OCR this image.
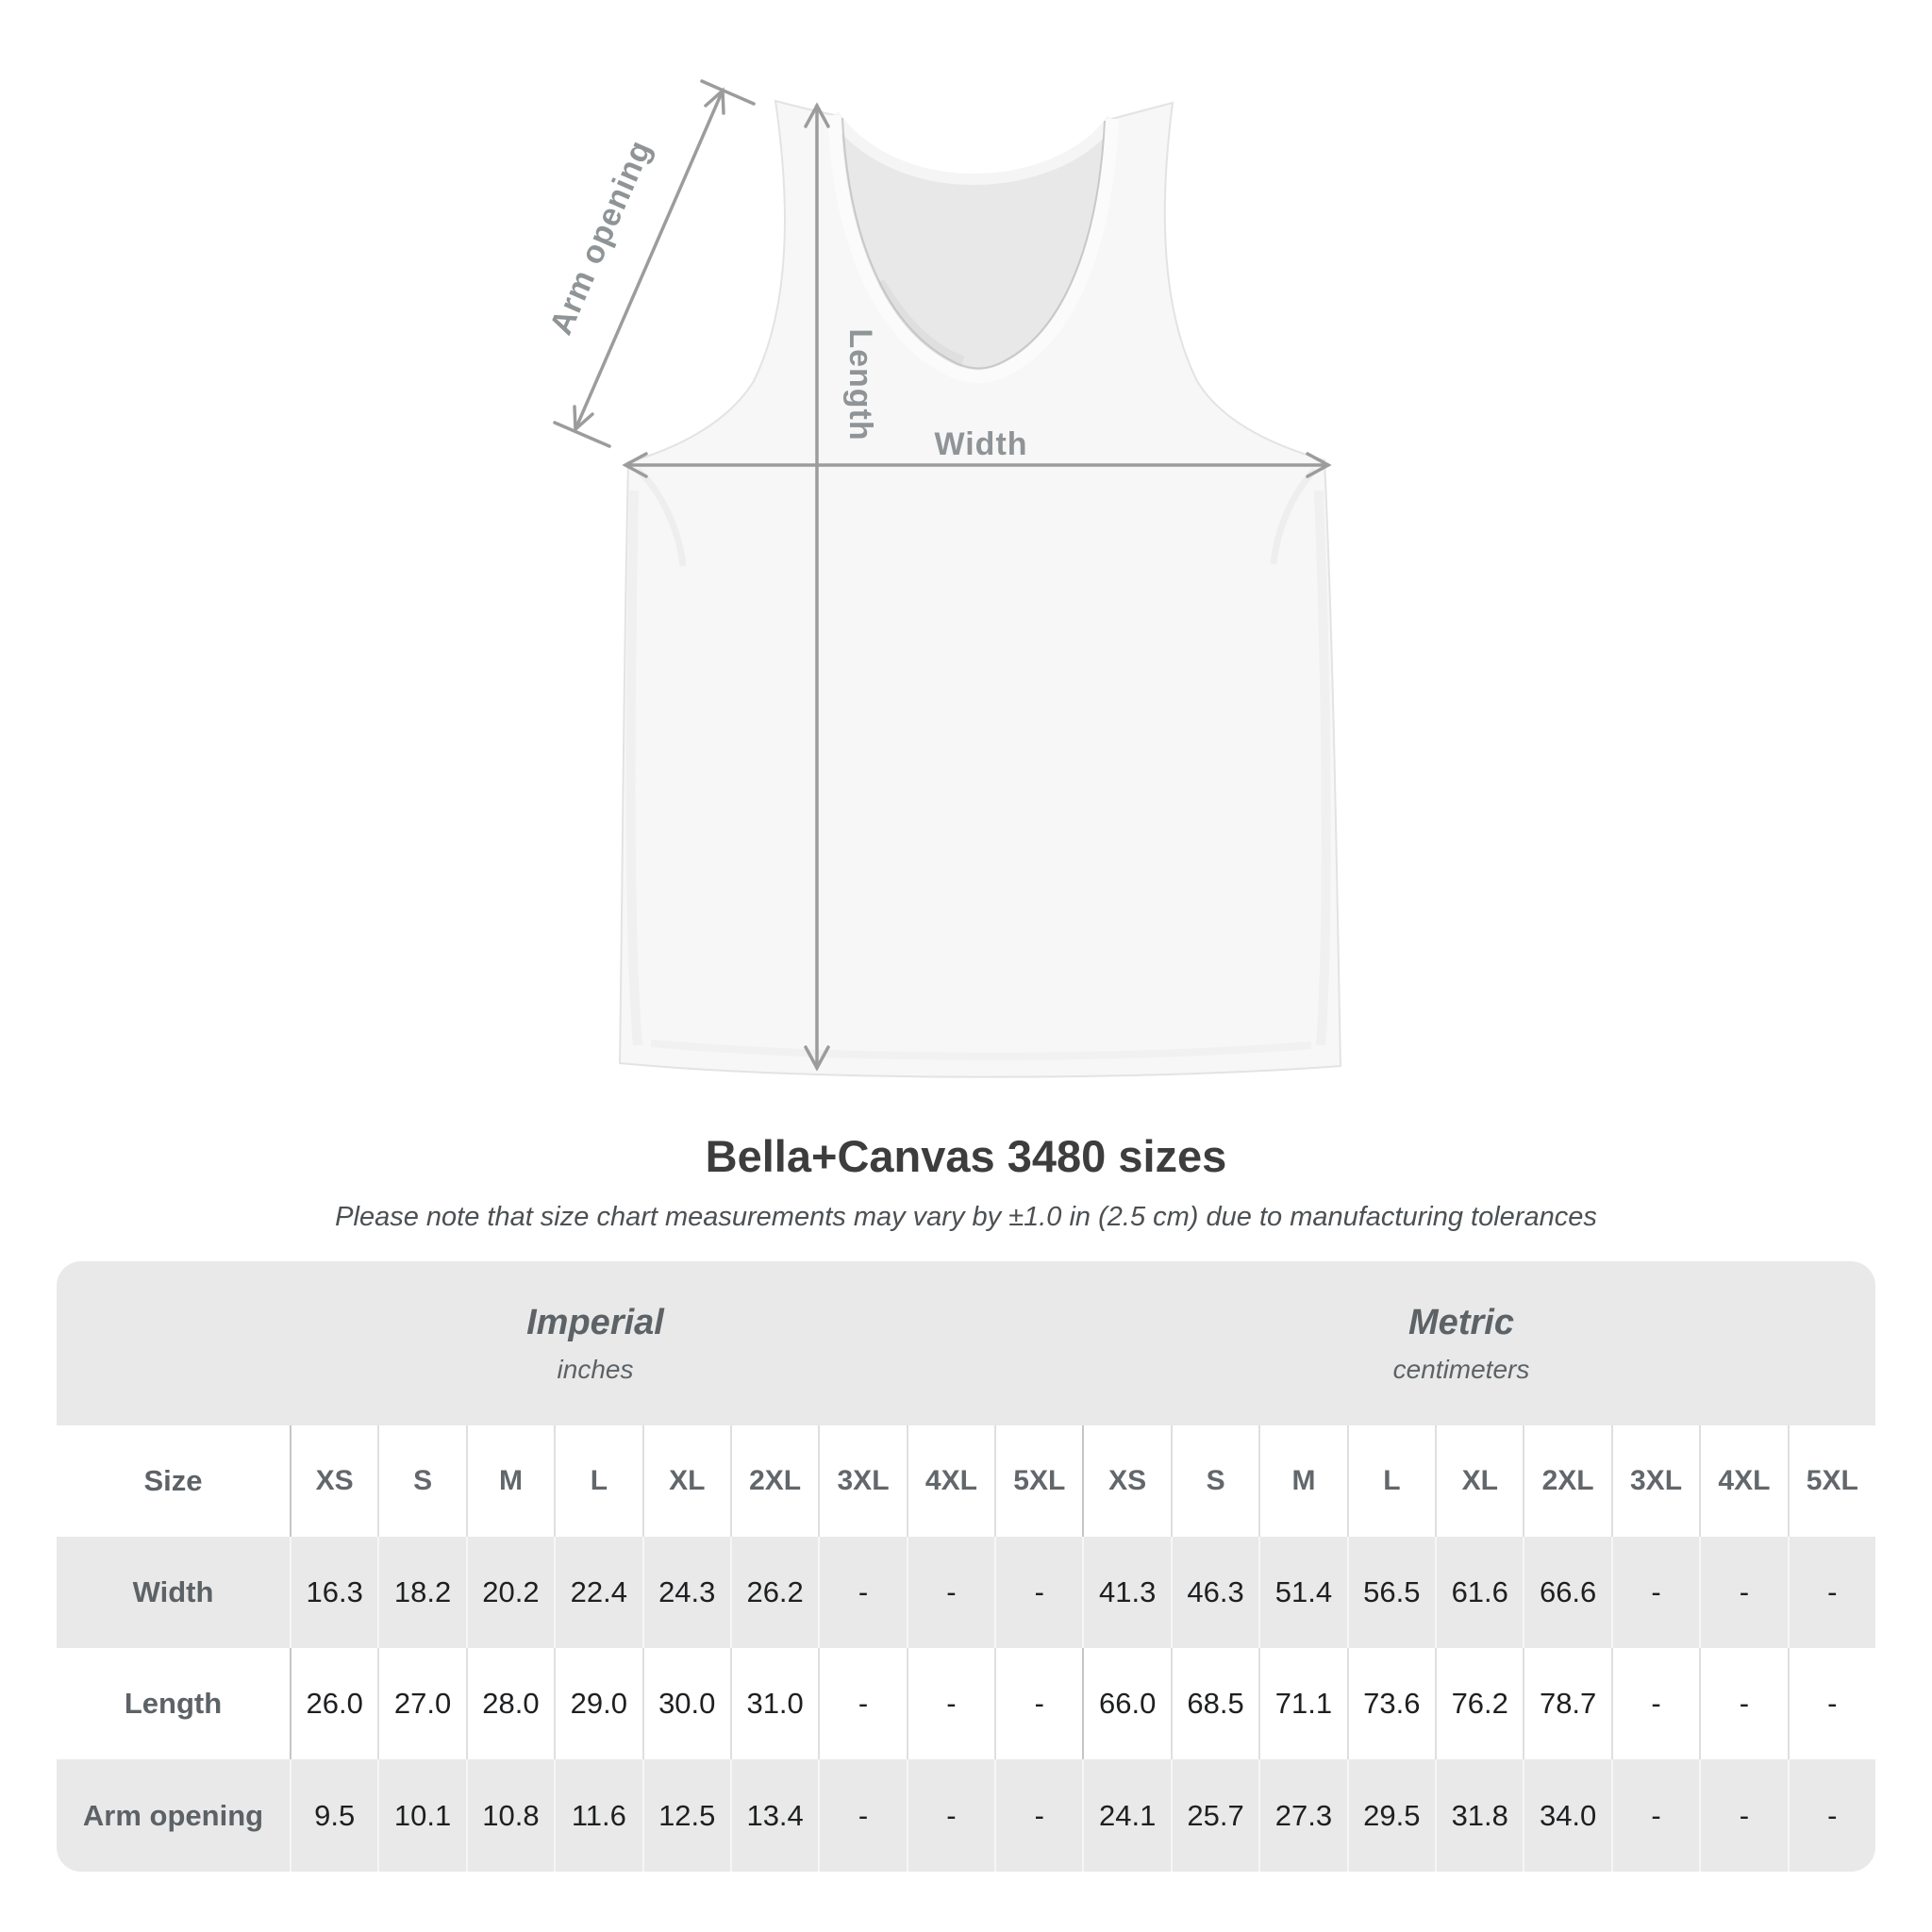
Arm opening
Length
Width
Bella+Canvas 3480 sizes
Please note that size chart measurements may vary by ±1.0 in (2.5 cm) due to manufacturing tolerances
Imperial
inches
Metric
centimeters
Size	XS	S	M	L	XL	2XL	3XL	4XL	5XL	XS	S	M	L	XL	2XL	3XL	4XL	5XL
Width	16.3	18.2	20.2	22.4	24.3	26.2	-	-	-	41.3	46.3	51.4	56.5	61.6	66.6	-	-	-
Length	26.0	27.0	28.0	29.0	30.0	31.0	-	-	-	66.0	68.5	71.1	73.6	76.2	78.7	-	-	-
Arm opening	9.5	10.1	10.8	11.6	12.5	13.4	-	-	-	24.1	25.7	27.3	29.5	31.8	34.0	-	-	-
